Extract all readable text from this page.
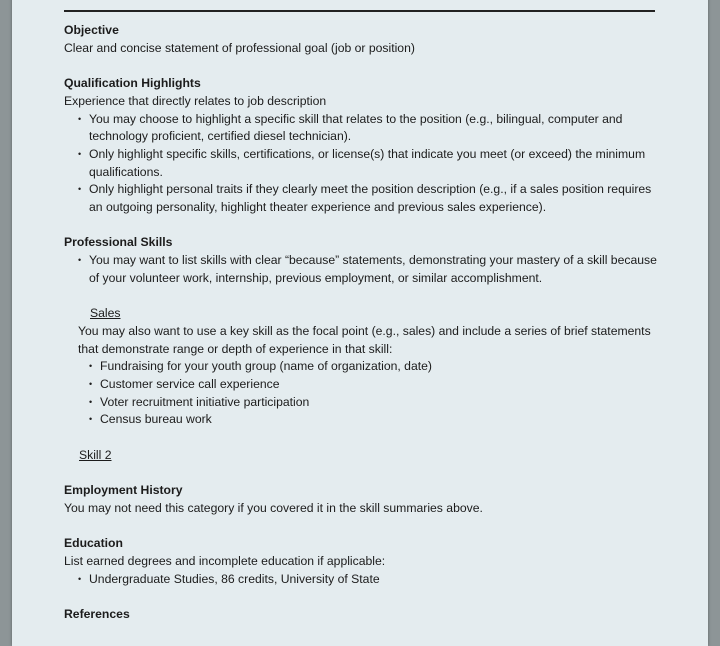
Objective

Clear and concise statement of professional goal (job or position)

Qualification Highlights

Experience that directly relates to job description

• You may choose to highlight a specific skill that relates to the position (e.g., bilingual, computer and technology proficient, certified diesel technician).
• Only highlight specific skills, certifications, or license(s) that indicate you meet (or exceed) the minimum qualifications.
• Only highlight personal traits if they clearly meet the position description (e.g., if a sales position requires an outgoing personality, highlight theater experience and previous sales experience).

Professional Skills

• You may want to list skills with clear “because” statements, demonstrating your mastery of a skill because of your volunteer work, internship, previous employment, or similar accomplishment.

Sales

You may also want to use a key skill as the focal point (e.g., sales) and include a series of brief statements that demonstrate range or depth of experience in that skill:

• Fundraising for your youth group (name of organization, date)
• Customer service call experience
• Voter recruitment initiative participation
• Census bureau work

Skill 2

Employment History

You may not need this category if you covered it in the skill summaries above.

Education

List earned degrees and incomplete education if applicable:

• Undergraduate Studies, 86 credits, University of State

References
